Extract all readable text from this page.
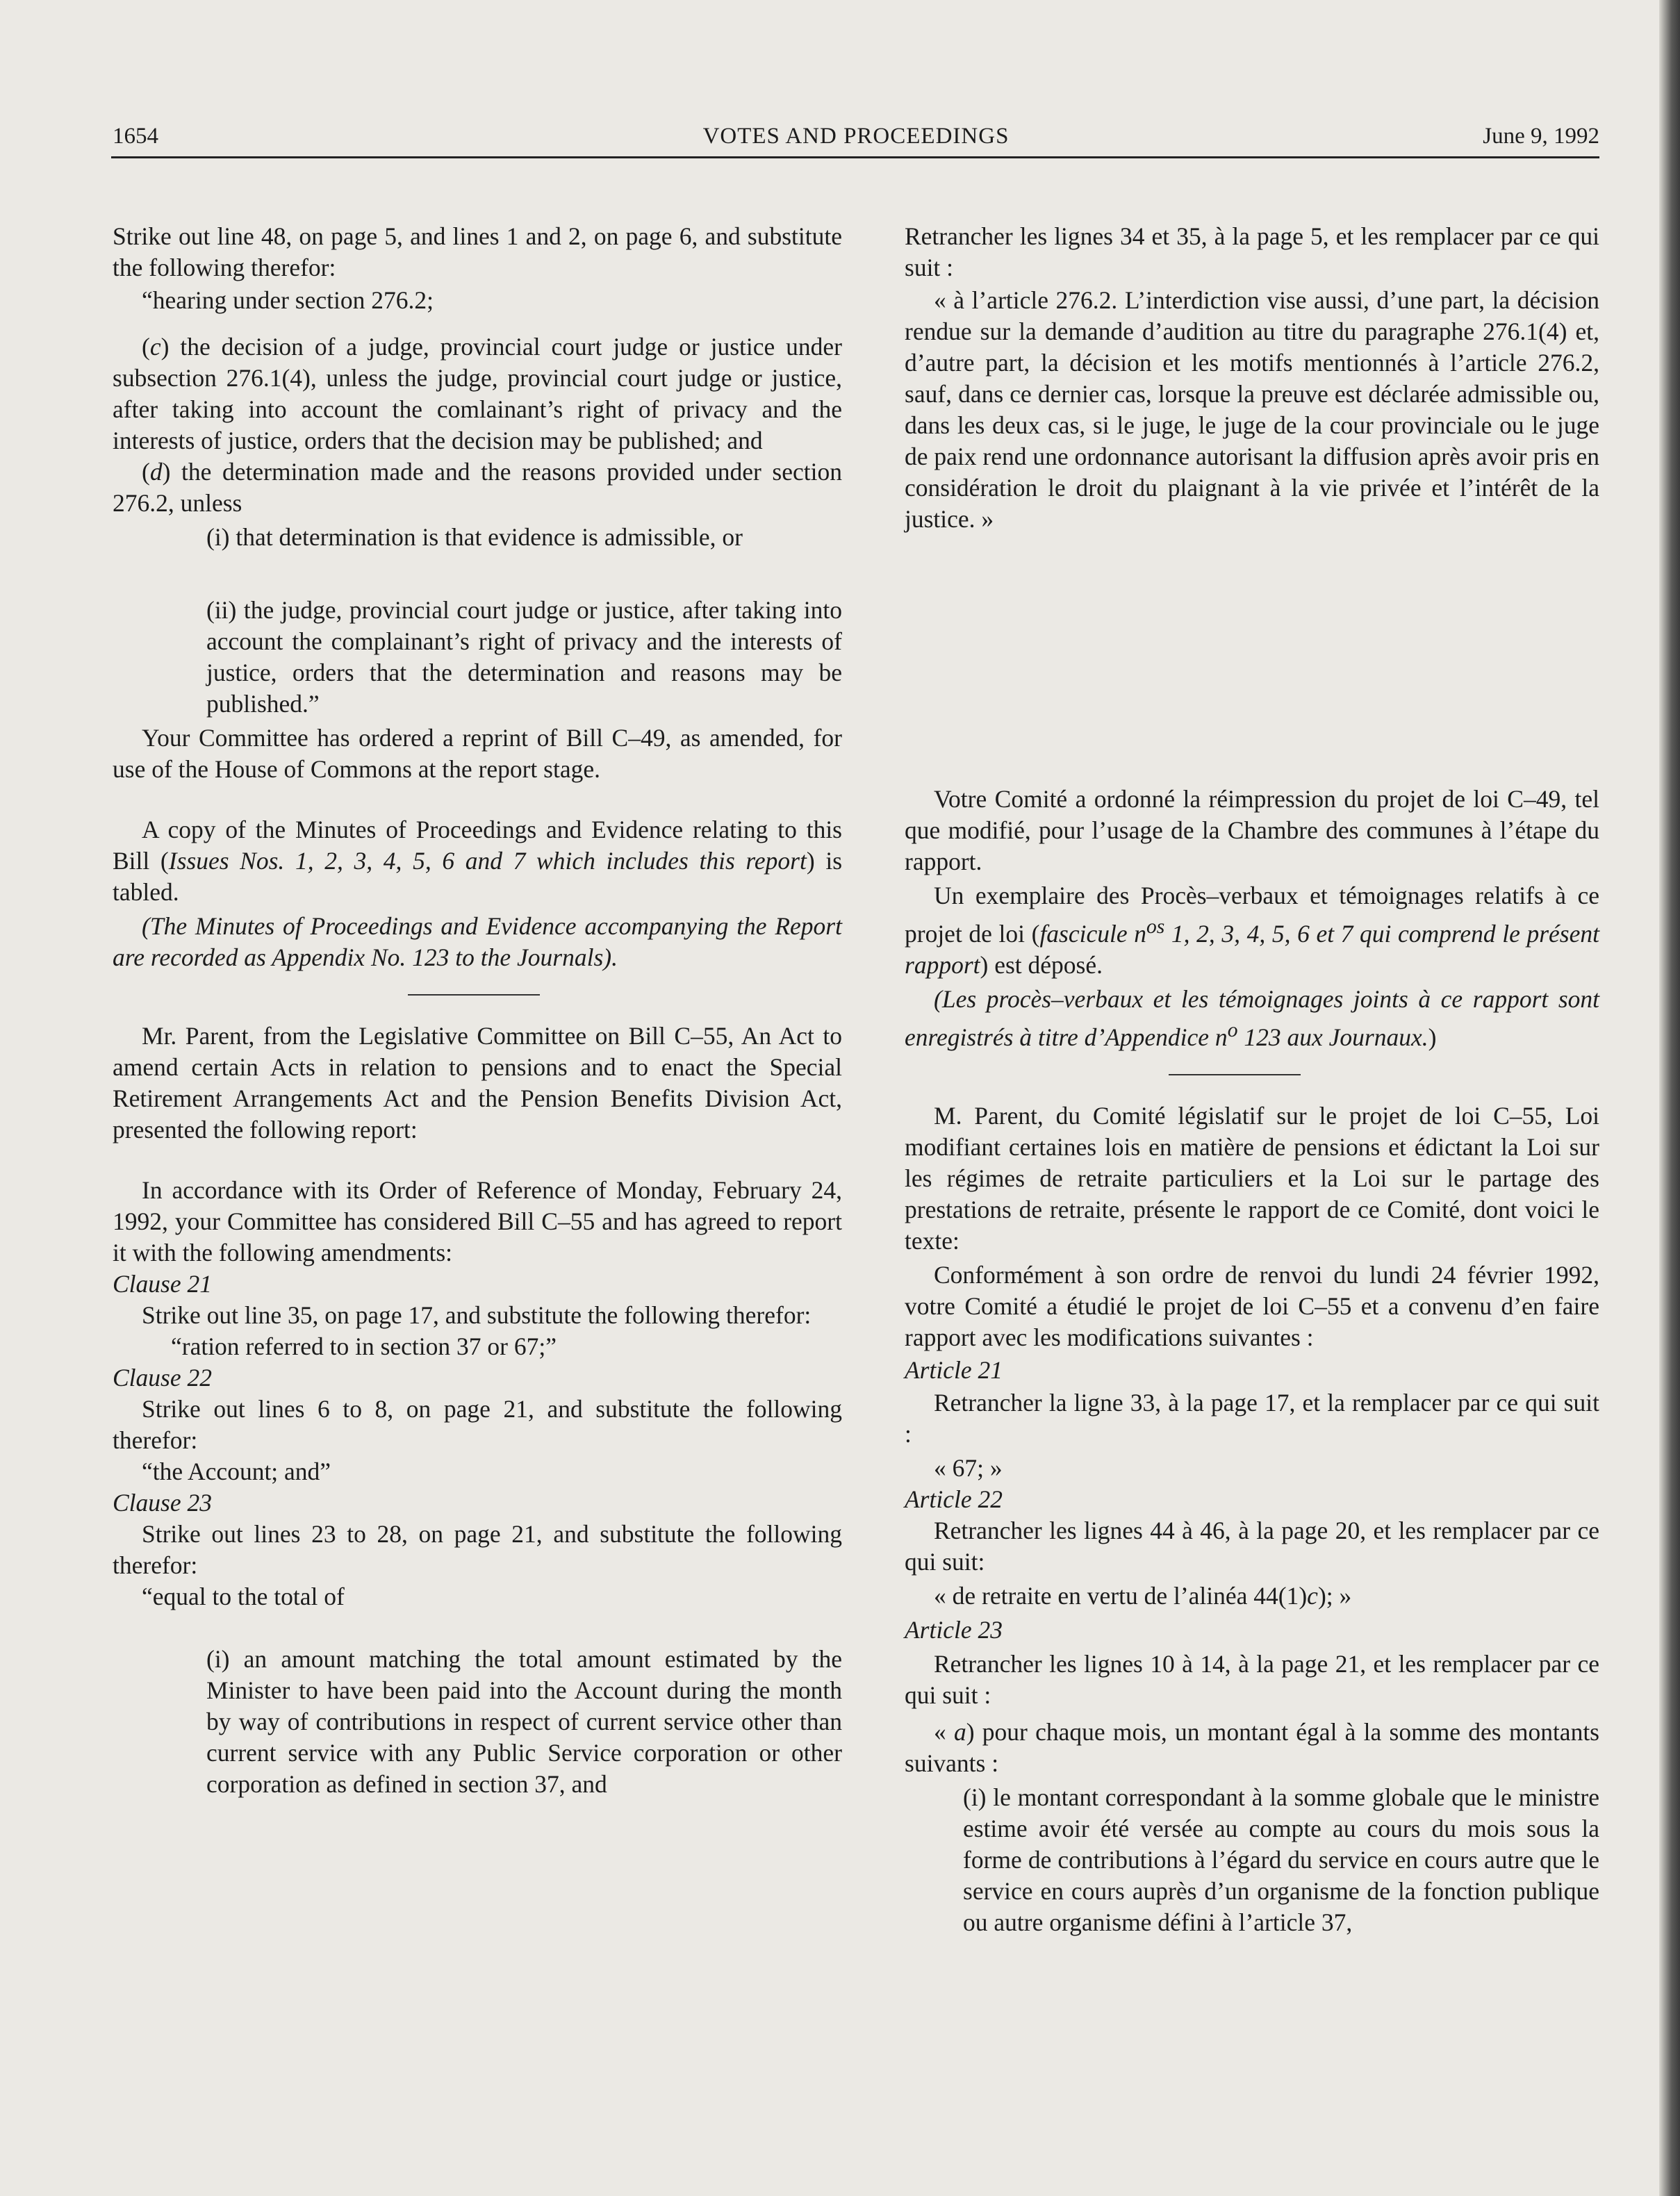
1654	VOTES AND PROCEEDINGS	June 9, 1992

Strike out line 48, on page 5, and lines 1 and 2, on page 6, and substitute the following therefor:

“hearing under section 276.2;

(c) the decision of a judge, provincial court judge or justice under subsection 276.1(4), unless the judge, provincial court judge or justice, after taking into account the comlainant’s right of privacy and the interests of justice, orders that the decision may be published; and

(d) the determination made and the reasons provided under section 276.2, unless

(i) that determination is that evidence is admissible, or

(ii) the judge, provincial court judge or justice, after taking into account the complainant’s right of privacy and the interests of justice, orders that the determination and reasons may be published.”

Your Committee has ordered a reprint of Bill C–49, as amended, for use of the House of Commons at the report stage.

A copy of the Minutes of Proceedings and Evidence relating to this Bill (Issues Nos. 1, 2, 3, 4, 5, 6 and 7 which includes this report) is tabled.

(The Minutes of Proceedings and Evidence accompanying the Report are recorded as Appendix No. 123 to the Journals).

Mr. Parent, from the Legislative Committee on Bill C–55, An Act to amend certain Acts in relation to pensions and to enact the Special Retirement Arrangements Act and the Pension Benefits Division Act, presented the following report:

In accordance with its Order of Reference of Monday, February 24, 1992, your Committee has considered Bill C–55 and has agreed to report it with the following amendments:

Clause 21

Strike out line 35, on page 17, and substitute the following therefor:

“ration referred to in section 37 or 67;”

Clause 22

Strike out lines 6 to 8, on page 21, and substitute the following therefor:

“the Account; and”

Clause 23

Strike out lines 23 to 28, on page 21, and substitute the following therefor:

“equal to the total of

(i) an amount matching the total amount estimated by the Minister to have been paid into the Account during the month by way of contributions in respect of current service other than current service with any Public Service corporation or other corporation as defined in section 37, and

Retrancher les lignes 34 et 35, à la page 5, et les remplacer par ce qui suit :

« à l’article 276.2. L’interdiction vise aussi, d’une part, la décision rendue sur la demande d’audition au titre du paragraphe 276.1(4) et, d’autre part, la décision et les motifs mentionnés à l’article 276.2, sauf, dans ce dernier cas, lorsque la preuve est déclarée admissible ou, dans les deux cas, si le juge, le juge de la cour provinciale ou le juge de paix rend une ordonnance autorisant la diffusion après avoir pris en considération le droit du plaignant à la vie privée et l’intérêt de la justice. »

Votre Comité a ordonné la réimpression du projet de loi C–49, tel que modifié, pour l’usage de la Chambre des communes à l’étape du rapport.

Un exemplaire des Procès–verbaux et témoignages relatifs à ce projet de loi (fascicule $n^{os}$ 1, 2, 3, 4, 5, 6 et 7 qui comprend le présent rapport) est déposé.

(Les procès–verbaux et les témoignages joints à ce rapport sont enregistrés à titre d’Appendice $n^o$ 123 aux Journaux.)

M. Parent, du Comité législatif sur le projet de loi C–55, Loi modifiant certaines lois en matière de pensions et édictant la Loi sur les régimes de retraite particuliers et la Loi sur le partage des prestations de retraite, présente le rapport de ce Comité, dont voici le texte:

Conformément à son ordre de renvoi du lundi 24 février 1992, votre Comité a étudié le projet de loi C–55 et a convenu d’en faire rapport avec les modifications suivantes :

Article 21

Retrancher la ligne 33, à la page 17, et la remplacer par ce qui suit :

« 67; »

Article 22

Retrancher les lignes 44 à 46, à la page 20, et les remplacer par ce qui suit:

« de retraite en vertu de l’alinéa 44(1)c); »

Article 23

Retrancher les lignes 10 à 14, à la page 21, et les remplacer par ce qui suit :

« a) pour chaque mois, un montant égal à la somme des montants suivants :

(i) le montant correspondant à la somme globale que le ministre estime avoir été versée au compte au cours du mois sous la forme de contributions à l’égard du service en cours autre que le service en cours auprès d’un organisme de la fonction publique ou autre organisme défini à l’article 37,
